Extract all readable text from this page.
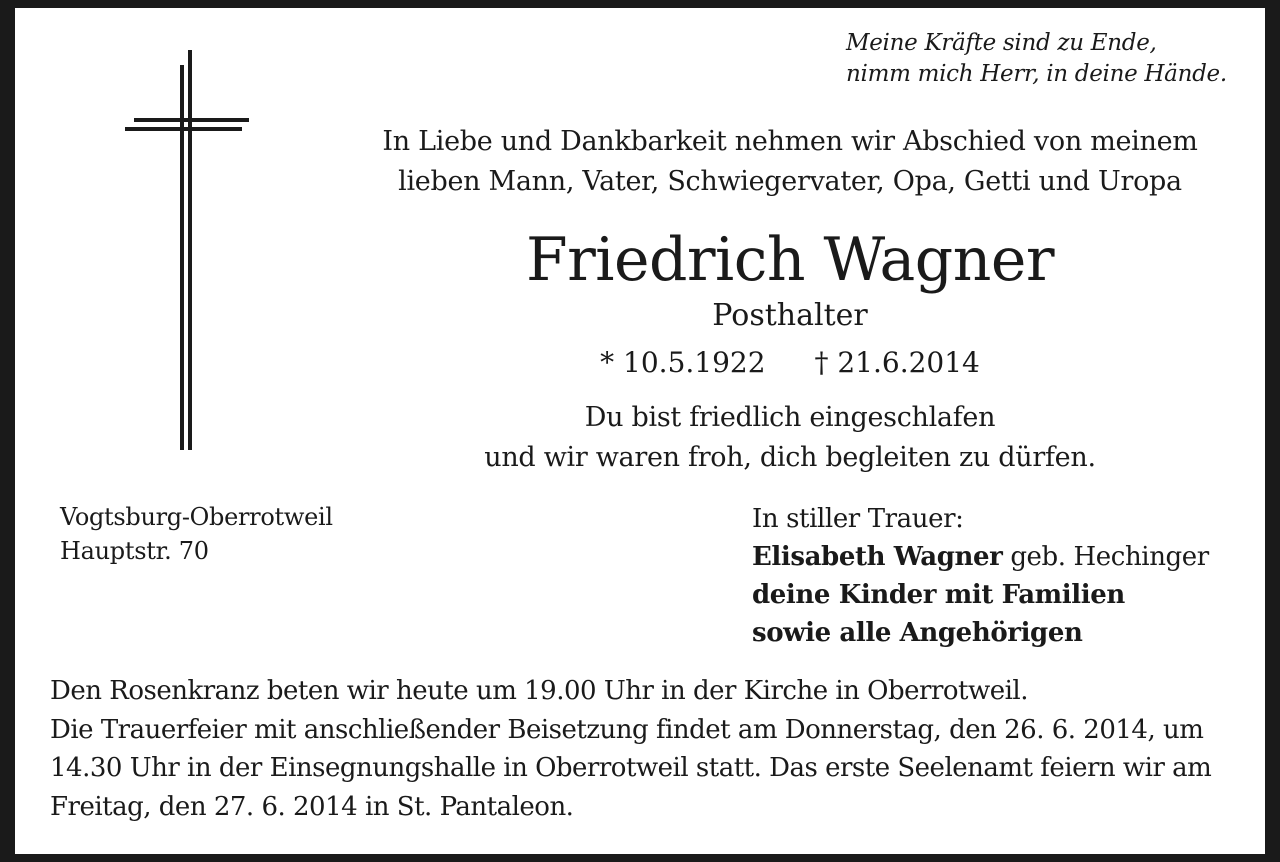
Meine Kräfte sind zu Ende,
nimm mich Herr, in deine Hände.
In Liebe und Dankbarkeit nehmen wir Abschied von meinem
lieben Mann, Vater, Schwiegervater, Opa, Getti und Uropa
Friedrich Wagner
Posthalter
* 10.5.1922 † 21.6.2014
Du bist friedlich eingeschlafen
und wir waren froh, dich begleiten zu dürfen.
Vogtsburg-Oberrotweil
Hauptstr. 70
In stiller Trauer:
Elisabeth Wagner geb. Hechinger
deine Kinder mit Familien
sowie alle Angehörigen
Den Rosenkranz beten wir heute um 19.00 Uhr in der Kirche in Oberrotweil.
Die Trauerfeier mit anschließender Beisetzung findet am Donnerstag, den 26. 6. 2014, um
14.30 Uhr in der Einsegnungshalle in Oberrotweil statt. Das erste Seelenamt feiern wir am
Freitag, den 27. 6. 2014 in St. Pantaleon.
